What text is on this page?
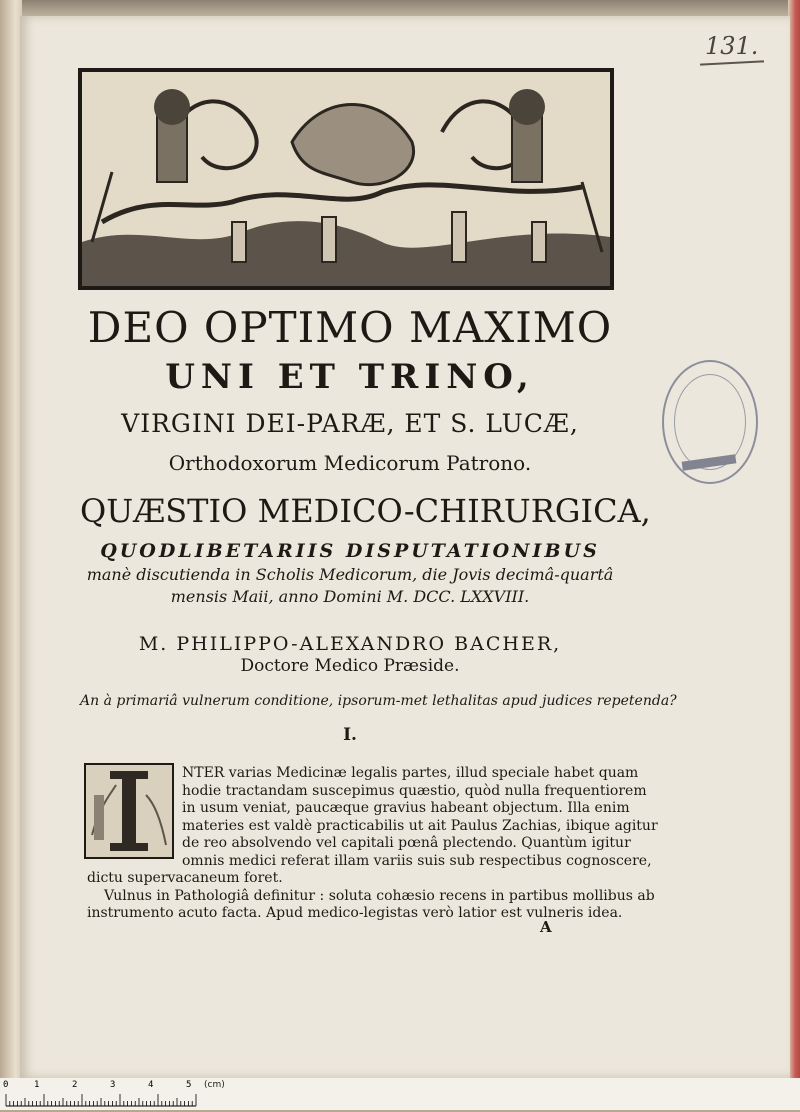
131.
DEO OPTIMO MAXIMO
UNI ET TRINO,
VIRGINI DEI-PARÆ, ET S. LUCÆ,
Orthodoxorum Medicorum Patrono.
QUÆSTIO MEDICO-CHIRURGICA,
QUODLIBETARIIS DISPUTATIONIBUS
manè discutienda in Scholis Medicorum, die Jovis decimâ-quartâ
mensis Maii, anno Domini M. DCC. LXXVIII.
M. PHILIPPO-ALEXANDRO BACHER,
Doctore Medico Præside.
An à primariâ vulnerum conditione, ipsorum-met lethalitas apud judices repetenda?
I.
NTER varias Medicinæ legalis partes, illud speciale habet quam
hodie tractandam suscepimus quæstio, quòd nulla frequentiorem
in usum veniat, paucæque gravius habeant objectum. Illa enim
materies est valdè practicabilis ut ait Paulus Zachias, ibique agitur
de reo absolvendo vel capitali pœnâ plectendo. Quantùm igitur
omnis medici referat illam variis suis sub respectibus cognoscere,
dictu supervacaneum foret.
Vulnus in Pathologiâ definitur : soluta cohæsio recens in partibus mollibus ab
instrumento acuto facta. Apud medico-legistas verò latior est vulneris idea.
A
0	1	2	3	4	5 (cm)
